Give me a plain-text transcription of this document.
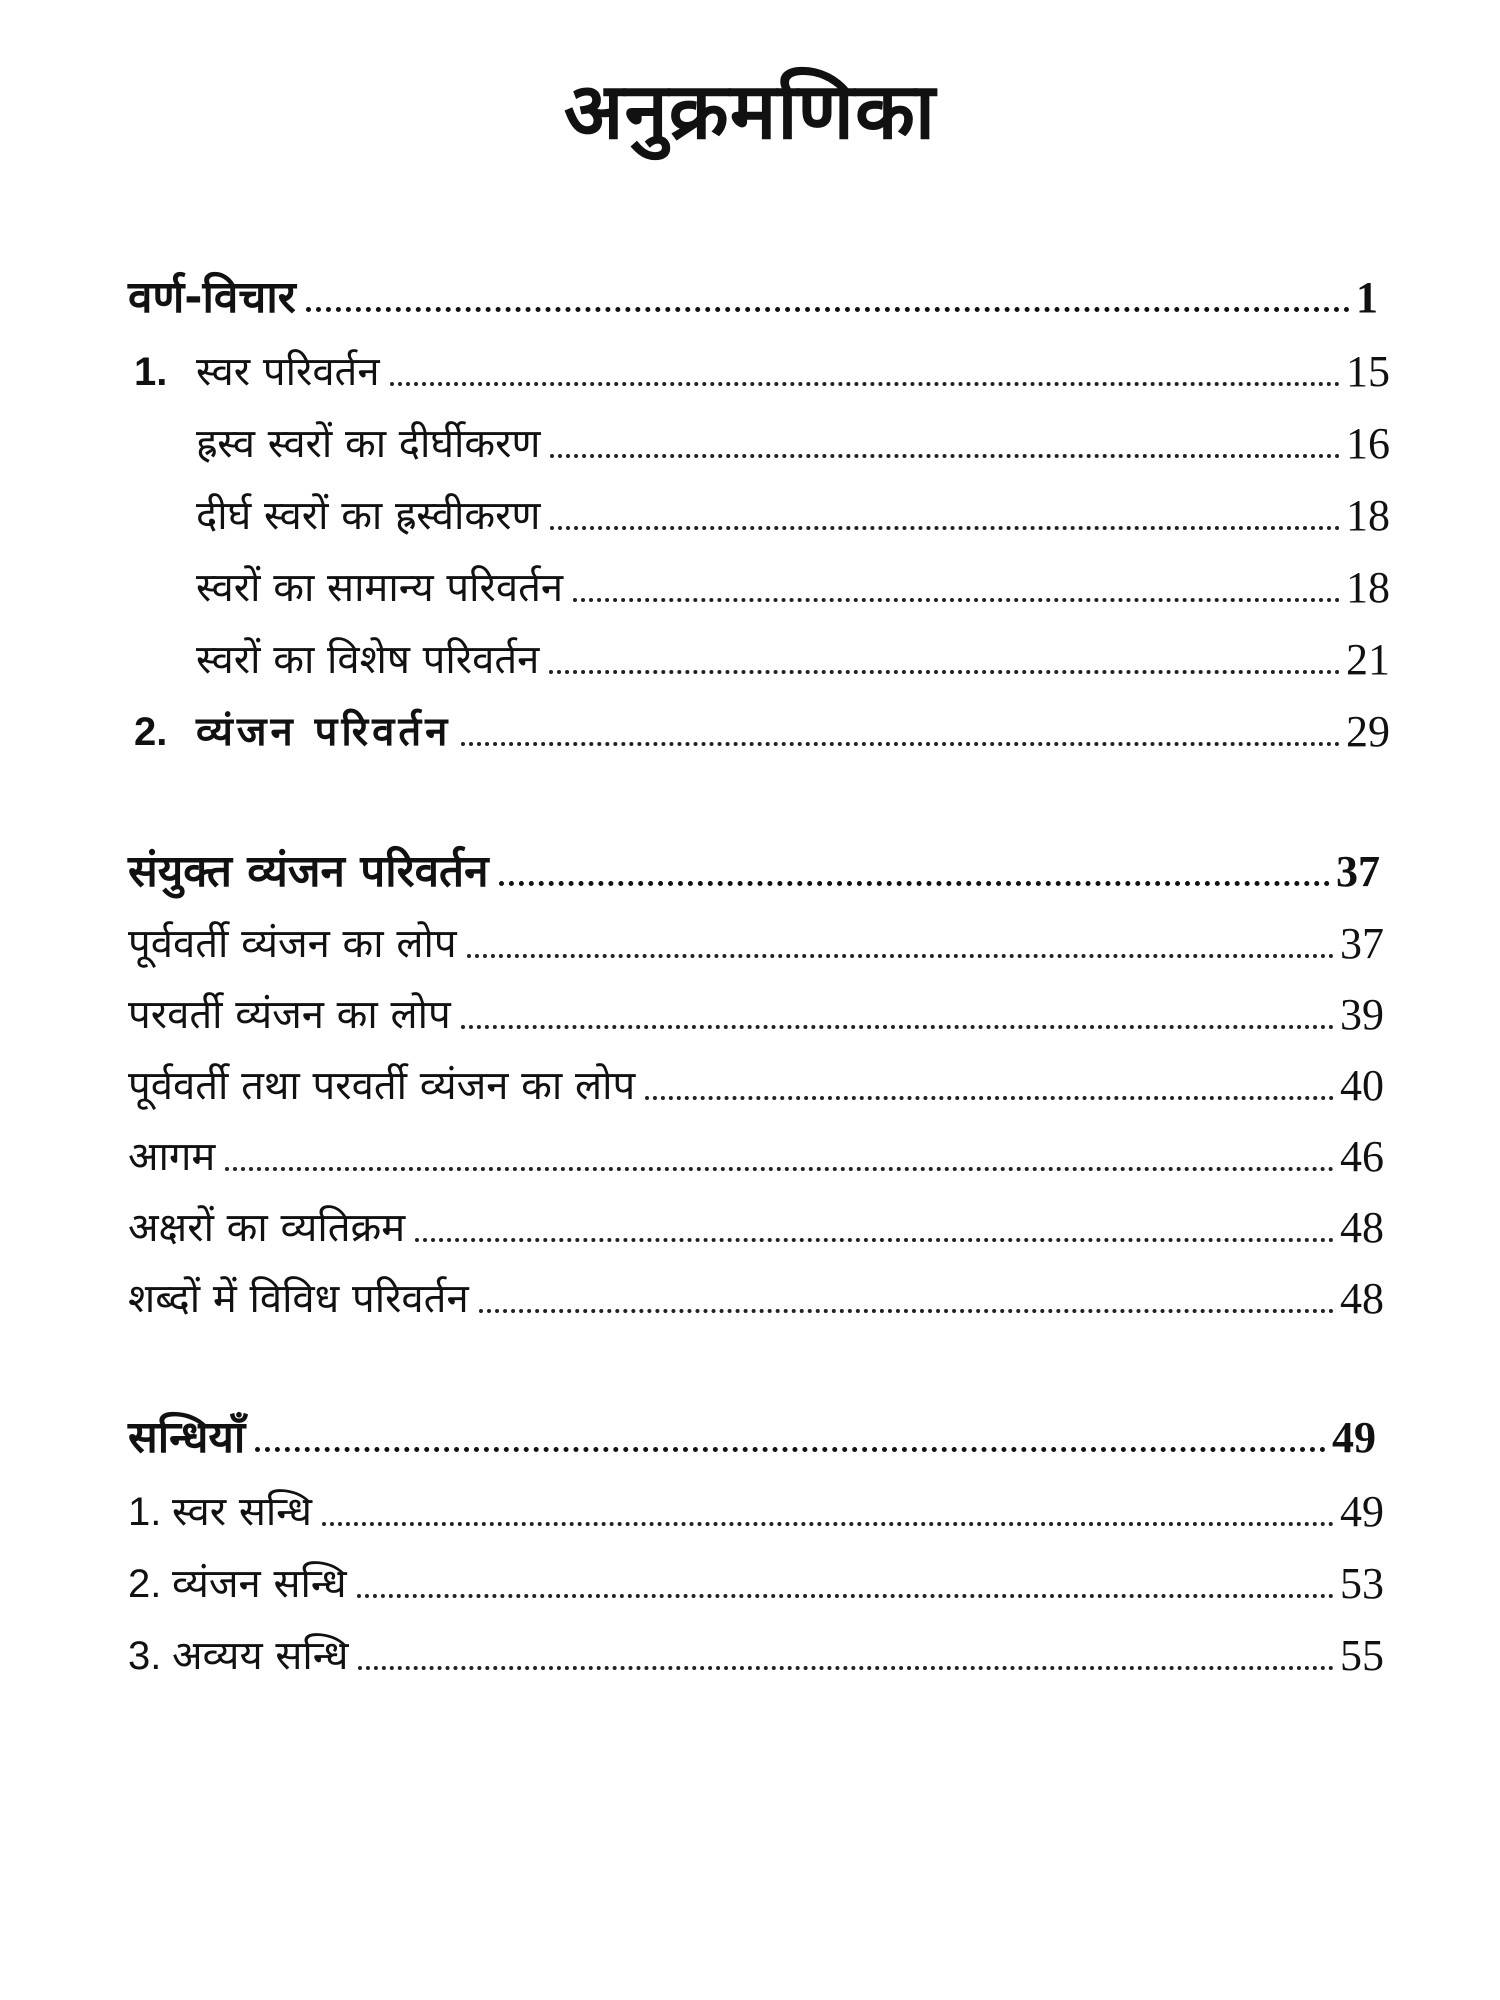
अनुक्रमणिका
वर्ण-विचार	1
1. स्वर परिवर्तन	15
ह्रस्व स्वरों का दीर्घीकरण	16
दीर्घ स्वरों का ह्रस्वीकरण	18
स्वरों का सामान्य परिवर्तन	18
स्वरों का विशेष परिवर्तन	21
2. व्यंजन परिवर्तन	29
संयुक्त व्यंजन परिवर्तन	37
पूर्ववर्ती व्यंजन का लोप	37
परवर्ती व्यंजन का लोप	39
पूर्ववर्ती तथा परवर्ती व्यंजन का लोप	40
आगम	46
अक्षरों का व्यतिक्रम	48
शब्दों में विविध परिवर्तन	48
सन्धियाँ	49
1. स्वर सन्धि	49
2. व्यंजन सन्धि	53
3. अव्यय सन्धि	55
